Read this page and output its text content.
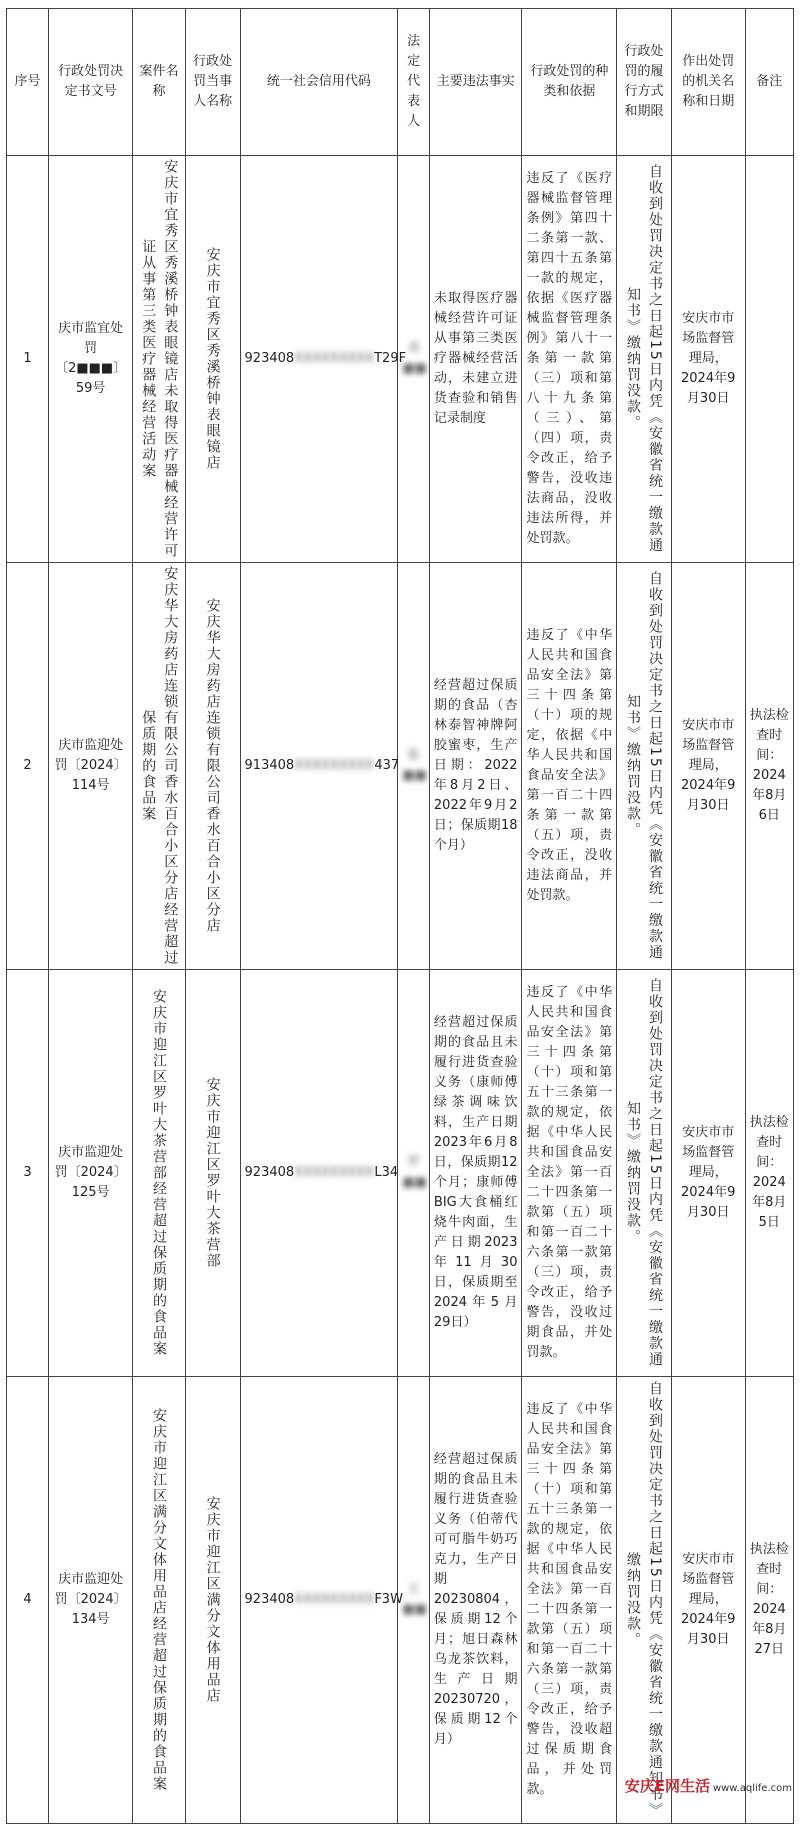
序号	行政处罚决定书文号	案件名称	行政处罚当事人名称	统一社会信用代码	法定代表人	主要违法事实	行政处罚的种类和依据	行政处罚的履行方式和期限	作出处罚的机关名称和日期	备注
1	庆市监宜处罚〔2■■■〕59号	安庆市宜秀区秀溪桥钟表眼镜店未取得医疗器械经营许可证从事第三类医疗器械经营活动案	安庆市宜秀区秀溪桥钟表眼镜店	923408XXXXXXXXXT29F	邓■■	未取得医疗器械经营许可证从事第三类医疗器械经营活动，未建立进货查验和销售记录制度	违反了《医疗器械监督管理条例》第四十二条第一款、第四十五条第一款的规定，依据《医疗器械监督管理条例》第八十一条第一款第（三）项和第八十九条第（三）、第（四）项，责令改正，给予警告，没收违法商品，没收违法所得，并处罚款。	自收到处罚决定书之日起15日内凭《安徽省统一缴款通知书》缴纳罚没款。	安庆市市场监督管理局，2024年9月30日	
2	庆市监迎处罚〔2024〕114号	安庆华大房药店连锁有限公司香水百合小区分店经营超过保质期的食品案	安庆华大房药店连锁有限公司香水百合小区分店	913408XXXXXXXXX437	张■■	经营超过保质期的食品（杏林泰智神牌阿胶蜜枣，生产日期：2022年8月2日、2022年9月2日；保质期18个月）	违反了《中华人民共和国食品安全法》第三十四条第（十）项的规定，依据《中华人民共和国食品安全法》第一百二十四条第一款第（五）项，责令改正，没收违法商品，并处罚款。	自收到处罚决定书之日起15日内凭《安徽省统一缴款通知书》缴纳罚没款。	安庆市市场监督管理局，2024年9月30日	执法检查时间：2024年8月6日
3	庆市监迎处罚〔2024〕125号	安庆市迎江区罗叶大茶营部经营超过保质期的食品案	安庆市迎江区罗叶大茶营部	923408XXXXXXXXXL34	罗■■	经营超过保质期的食品且未履行进货查验义务（康师傅绿茶调味饮料，生产日期2023年6月8日，保质期12个月；康师傅BIG大食桶红烧牛肉面，生产日期2023年11月30日，保质期至2024年5月29日）	违反了《中华人民共和国食品安全法》第三十四条第（十）项和第五十三条第一款的规定，依据《中华人民共和国食品安全法》第一百二十四条第一款第（五）项和第一百二十六条第一款第（三）项，责令改正，给予警告，没收过期食品，并处罚款。	自收到处罚决定书之日起15日内凭《安徽省统一缴款通知书》缴纳罚没款。	安庆市市场监督管理局，2024年9月30日	执法检查时间：2024年8月5日
4	庆市监迎处罚〔2024〕134号	安庆市迎江区满分文体用品店经营超过保质期的食品案	安庆市迎江区满分文体用品店	923408XXXXXXXXXF3W	王■■	经营超过保质期的食品且未履行进货查验义务（伯蒂代可可脂牛奶巧克力，生产日期20230804，保质期12个月；旭日森林乌龙茶饮料，生产日期20230720，保质期12个月）	违反了《中华人民共和国食品安全法》第三十四条第（十）项和第五十三条第一款的规定，依据《中华人民共和国食品安全法》第一百二十四条第一款第（五）项和第一百二十六条第一款第（三）项，责令改正，给予警告，没收超过保质期食品，并处罚款。	自收到处罚决定书之日起15日内凭《安徽省统一缴款通知书》缴纳罚没款。	安庆市市场监督管理局，2024年9月30日	执法检查时间：2024年8月27日
安庆E网生活 www.aqlife.com
